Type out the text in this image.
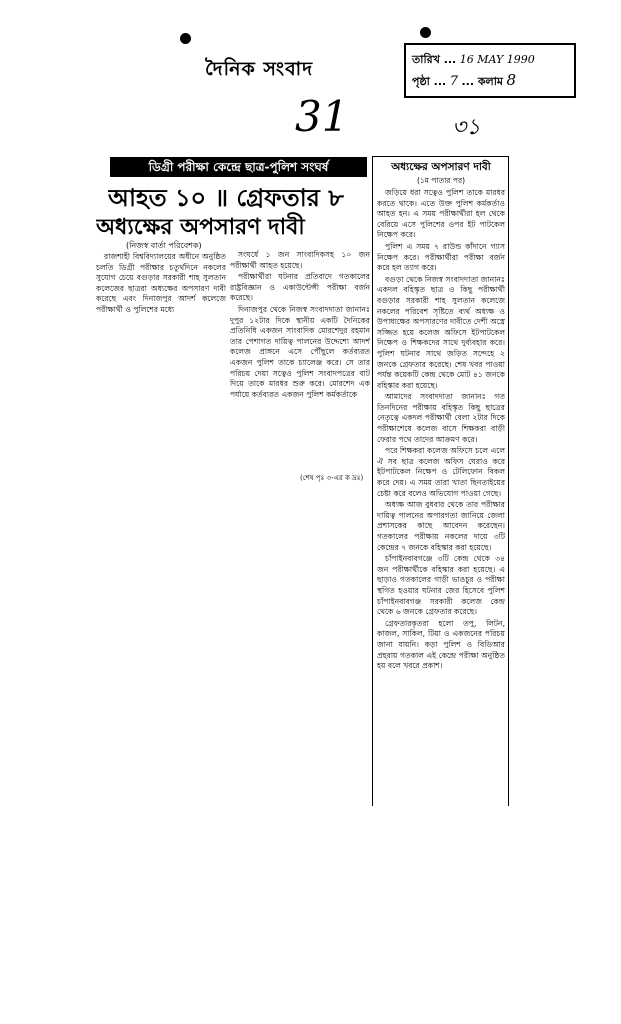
দৈনিক সংবাদ	তারিখ ... 16 MAY 1990
পৃষ্ঠা ... 7 ... কলাম 8
31	৩১
ডিগ্রী পরীক্ষা কেন্দ্রে ছাত্র-পুলিশ সংঘর্ষ
আহত ১০ ॥ গ্রেফতার ৮
অধ্যক্ষের অপসারণ দাবী
(নিজস্ব বার্তা পরিবেশক)

রাজশাহী বিশ্ববিদ্যালয়ের অধীনে অনুষ্ঠিত চলতি ডিগ্রী পরীক্ষার চতুর্থদিনে নকলের সুযোগ চেয়ে বগুড়ার সরকারী শাহ সুলতান কলেজের ছাত্ররা অধ্যক্ষের অপসারণ দাবী করেছে এবং দিনাজপুর আদর্শ কলেজে পরীক্ষার্থী ও পুলিশের মধ্যে

সংঘর্ষে ১ জন সাংবাদিকসহ ১০ জন পরীক্ষার্থী আহত হয়েছে।

পরীক্ষার্থীরা ঘটনার প্রতিবাদে গতকালের রাষ্ট্রবিজ্ঞান ও একাউন্টেন্সী পরীক্ষা বর্জন করেছে।

দিনাজপুর থেকে নিজস্ব সংবাদদাতা জানানঃ দুপুর ১২টার দিকে স্থানীয় একটি দৈনিকের প্রতিনিধি একজন সাংবাদিক মোরশেদুর রহমান তার পেশাগত দায়িত্ব পালনের উদ্দেশ্যে আদর্শ কলেজ প্রাঙ্গনে এসে পৌঁছুলে কর্তব্যরত একজন পুলিশ তাকে চ্যালেঞ্জ করে। সে তার পরিচয় দেয়া সত্বেও পুলিশ সংবাদপত্রের বাট দিয়ে তাকে মারধর শুরু করে। মোরশেদ এক পর্যায়ে কর্তব্যরত একজন পুলিশ কর্মকর্তাকে

(শেষ পৃঃ ৩-এর ক দ্রঃ)
অধ্যক্ষের অপসারণ দাবী
(১ম পাতার পর)

জড়িয়ে ধরা সত্বেও পুলিশ তাকে মারধর করতে থাকে। এতে উক্ত পুলিশ কর্মকর্তাও আহত হন। এ সময় পরীক্ষার্থীরা হল থেকে বেরিয়ে এসে পুলিশের ওপর ইট পাটকেল নিক্ষেপ করে।

পুলিশ এ সময় ৭ রাউন্ড কাঁদানে গ্যাস নিক্ষেপ করে। পরীক্ষার্থীরা পরীক্ষা বর্জন করে হল ত্যাগ করে।

বগুড়া থেকে নিজস্ব সংবাদদাতা জানানঃ একদল বহিস্কৃত ছাত্র ও কিছু পরীক্ষার্থী বগুড়ার সরকারী শাহ সুলতান কলেজে নকলের পরিবেশ সৃষ্টিতে ব্যর্থ অধ্যক্ষ ও উপাধ্যক্ষের অপসারণের দাবীতে দেশী অস্ত্রে সজ্জিত হয়ে কলেজ অফিসে ইটপাটকেল নিক্ষেপ ও শিক্ষকদের সাথে দুর্ব্যবহার করে। পুলিশ ঘটনার সাথে জড়িত সন্দেহে ২ জনকে গ্রেফতার করেছে। শেষ খবর পাওয়া পর্যন্ত কয়েকটি কেন্দ্র থেকে মোট ৪১ জনকে বহিস্কার করা হয়েছে।

আমাদের সংবাদদাতা জানানঃ গত তিনদিনের পরীক্ষায় বহিস্কৃত কিছু ছাত্রের নেতৃত্বে একদল পরীক্ষার্থী বেলা ২টার দিকে পরীক্ষাশেষে কলেজ বাসে শিক্ষকরা বাড়ী ফেরার পথে তাদের আক্রমণ করে।

পরে শিক্ষকরা কলেজ অফিসে চলে এলে ঐ সব ছাত্র কলেজ অফিস ঘেরাও করে ইটপাটকেল নিক্ষেপ ও টেলিফোন বিকল করে দেয়। এ সময় তারা খাতা ছিনতাইয়ের চেষ্টা করে বলেও অভিযোগ পাওয়া গেছে।

অধ্যক্ষ আজ বুধবার থেকে তার পরীক্ষার দায়িত্ব পালনের অপারগতা জানিয়ে জেলা প্রশাসকের কাছে আবেদন করেছেন। গতকালের পরীক্ষায় নকলের দায়ে ৩টি কেন্দ্রের ৭ জনকে বহিস্কার করা হয়েছে।

চাঁপাইনবাবগঞ্জে ৩টি কেন্দ্র থেকে ৩৪ জন পরীক্ষার্থীকে বহিস্কার করা হয়েছে। এ ছাড়াও গতকালের গাড়ী ভাঙচুর ও পরীক্ষা স্থগিত হওয়ার ঘটনার জের হিসেবে পুলিশ চাঁপাইনবাবগঞ্জ সরকারী কলেজ কেন্দ্র থেকে ৬ জনকে গ্রেফতার করেছে।

গ্রেফতারকৃতরা হলো তপু, লিটন, কাজল, সাকিল, টিয়া ও একজনের পরিচয় জানা যায়নি। কড়া পুলিশ ও বিডিআর প্রহরায় গতকাল এই কেন্দ্রে পরীক্ষা অনুষ্ঠিত হয় বলে খবরে প্রকাশ।
